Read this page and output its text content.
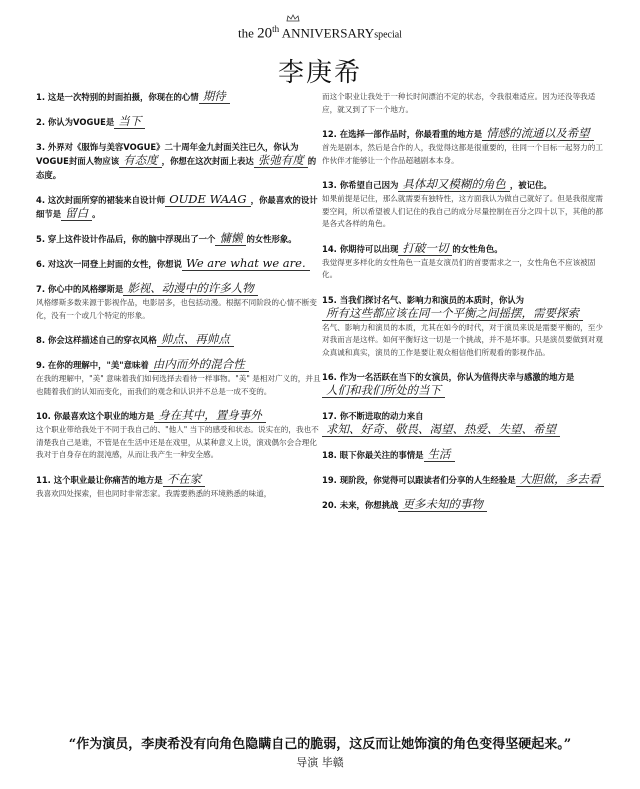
the 20th ANNIVERSARYspecial
李庚希
1. 这是一次特别的封面拍摄，你现在的心情 期待
2. 你认为VOGUE是 当下
3. 外界对《服饰与美容VOGUE》二十周年金九封面关注已久，你认为VOGUE封面人物应该 有态度 ，你想在这次封面上表达 张弛有度 的态度。
4. 这次封面所穿的裙装来自设计师 OUDE WAAG ，你最喜欢的设计细节是 留白 。
5. 穿上这件设计作品后，你的脑中浮现出了一个 慵懒 的女性形象。
6. 对这次一同登上封面的女性，你想说 We are what we are.
7. 你心中的风格缪斯是 影视、动漫中的许多人物
风格缪斯多数来源于影视作品，电影居多，也包括动漫。根据不同阶段的心情不断变化，没有一个或几个特定的形象。
8. 你会这样描述自己的穿衣风格 帅点、再帅点
9. 在你的理解中，"美"意味着 由内而外的混合性
在我的理解中，"美" 意味着我们如何选择去看待一样事物。"美" 是相对广义的，并且也随着我们的认知而变化，而我们的观念和认识并不总是一成不变的。
10. 你最喜欢这个职业的地方是 身在其中，置身事外
这个职业带给我处于不同于我自己的、"他人" 当下的感受和状态。说实在的，我也不清楚我自己是谁，不管是在生活中还是在戏里，从某种意义上说，演戏偶尔会合理化我对于自身存在的混沌感，从而让我产生一种安全感。
11. 这个职业最让你痛苦的地方是 不在家
我喜欢四处探索，但也同时非常恋家。我需要熟悉的环境熟悉的味道，
而这个职业让我处于一种长时间漂泊不定的状态，令我很难适应。因为还没等我适应，就又到了下一个地方。
12. 在选择一部作品时，你最看重的地方是 情感的流通以及希望
首先是剧本，然后是合作的人，我觉得这都是很重要的，往同一个目标一起努力的工作伙伴才能够让一个作品超越剧本本身。
13. 你希望自己因为 具体却又模糊的角色 ，被记住。
如果前提是记住，那么就需要有独特性，这方面我认为做自己就好了。但是我很度需要空间，所以希望被人们记住的我自己的成分尽量控制在百分之四十以下，其他的都是各式各样的角色。
14. 你期待可以出现 打破一切 的女性角色。
我觉得更多样化的女性角色一直是女演员们的首要需求之一，女性角色不应该被固化。
15. 当我们探讨名气、影响力和演员的本质时，你认为所有这些都应该在同一个平衡之间摇摆，需要探索
名气、影响力和演员的本质，尤其在如今的时代，对于演员来说是需要平衡的，至少对我而言是这样。如何平衡好这一切是一个挑战，并不是坏事。只是演员要做到对观众真诚和真实，演员的工作是要让观众相信他们所观看的影视作品。
16. 作为一名活跃在当下的女演员，你认为值得庆幸与感激的地方是人们和我们所处的当下
17. 你不断进取的动力来自求知、好奇、敬畏、渴望、热爱、失望、希望
18. 眼下你最关注的事情是 生活
19. 现阶段，你觉得可以跟读者们分享的人生经验是 大胆做，多去看
20. 未来，你想挑战 更多未知的事物
“作为演员，李庚希没有向角色隐瞒自己的脆弱，这反而让她饰演的角色变得坚硬起来。”
导演 毕赣
